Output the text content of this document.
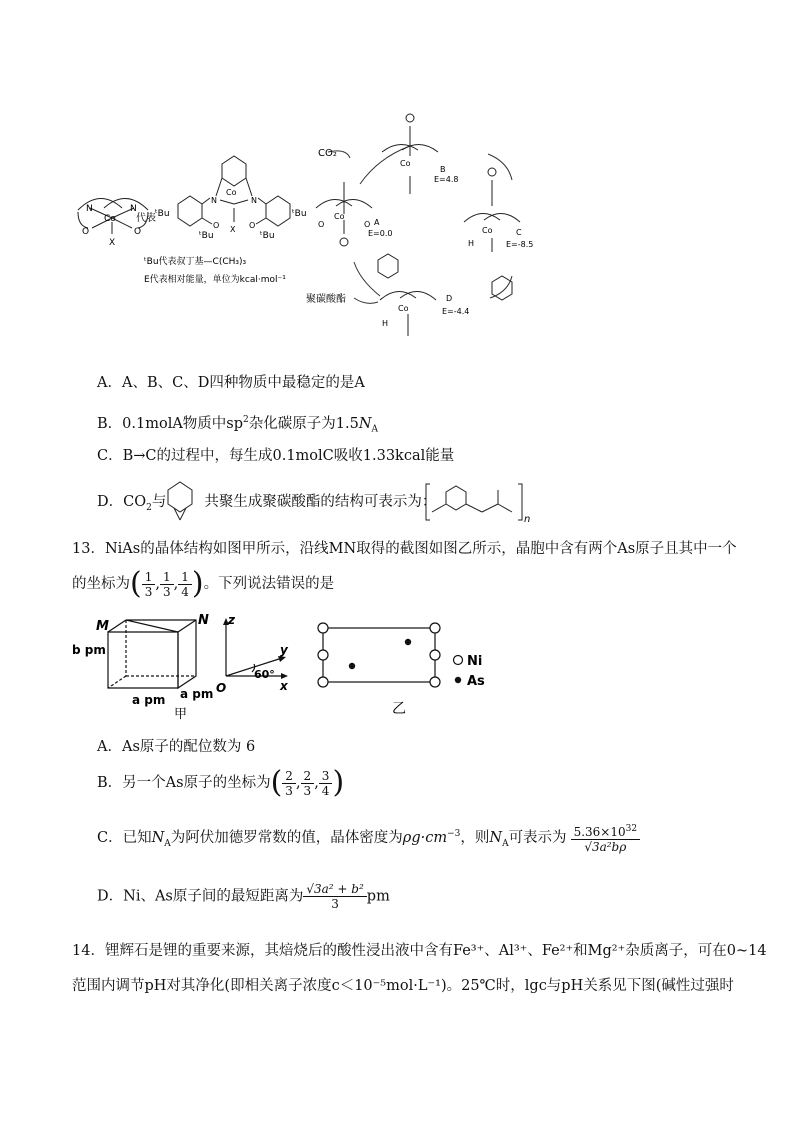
N	N
Co
O	O
X
代表
N	N
Co
O	O
X
ᵗBu
ᵗBu
ᵗBu
ᵗBu
ᵗBu代表叔丁基—C(CH₃)₃
E代表相对能量，单位为kcal·mol⁻¹
CO₂
聚碳酸酯
Co
O	O A
E=0.0
Co
B
E=4.8
Co
H
C
E=-8.5
Co
H
D
E=-4.4
A．A、B、C、D四种物质中最稳定的是A
B．0.1molA物质中$sp^2$杂化碳原子为$1.5N_A$
C．B→C的过程中，每生成0.1molC吸收1.33kcal能量
D．$CO_2$与	共聚生成聚碳酸酯的结构可表示为：
n
13．NiAs的晶体结构如图甲所示，沿线MN取得的截图如图乙所示，晶胞中含有两个As原子且其中一个
的坐标为( $\frac{1}{3}$ , $\frac{1}{3}$ , $\frac{1}{4}$ )。下列说法错误的是
M	N
b pm
a pm a pm
z
y
x
O
60°
甲
Ni
As
乙
A．As原子的配位数为 6
B．另一个As原子的坐标为( $\frac{2}{3}$ , $\frac{2}{3}$ , $\frac{3}{4}$ )
C．已知$N_A$为阿伏加德罗常数的值，晶体密度为$\rho g\cdot cm^{-3}$，则$N_A$可表示为 $\frac{5.36\times 10^{32}}{\text{√3a²bρ}}$
D．Ni、As原子间的最短距离为 $\frac{\text{√3a² + b²}}{3}$ pm
14．锂辉石是锂的重要来源，其焙烧后的酸性浸出液中含有Fe³⁺、Al³⁺、Fe²⁺和Mg²⁺杂质离子，可在0~14
范围内调节pH对其净化(即相关离子浓度c＜10⁻⁵mol·L⁻¹)。25℃时，lgc与pH关系见下图(碱性过强时
